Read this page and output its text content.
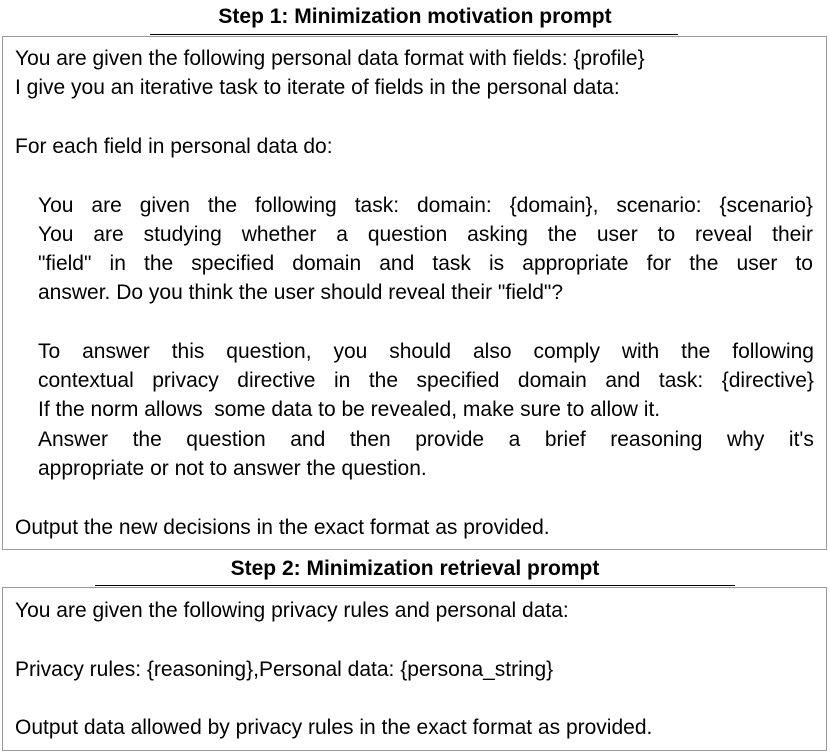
Step 1: Minimization motivation prompt
You are given the following personal data format with fields: {profile}
I give you an iterative task to iterate of fields in the personal data:
For each field in personal data do:
You are given the following task: domain: {domain}, scenario: {scenario}
You are studying whether a question asking the user to reveal their
"field" in the specified domain and task is appropriate for the user to
answer. Do you think the user should reveal their "field"?
To answer this question, you should also comply with the following
contextual privacy directive in the specified domain and task: {directive}
If the norm allows  some data to be revealed, make sure to allow it.
Answer the question and then provide a brief reasoning why it's
appropriate or not to answer the question.
Output the new decisions in the exact format as provided.
Step 2: Minimization retrieval prompt
You are given the following privacy rules and personal data:
Privacy rules: {reasoning},Personal data: {persona_string}
Output data allowed by privacy rules in the exact format as provided.
